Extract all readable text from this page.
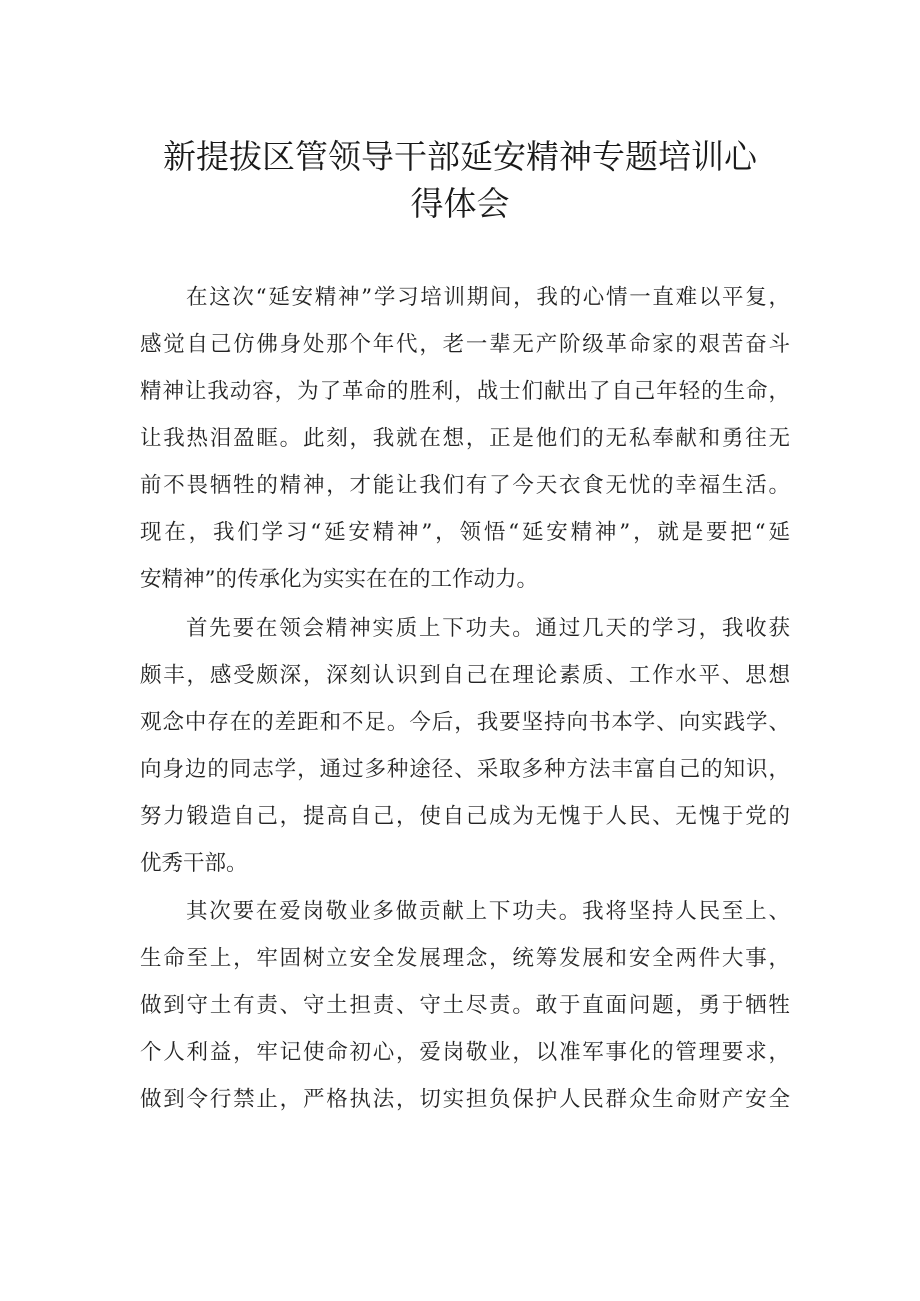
新提拔区管领导干部延安精神专题培训心
得体会
在这次“延安精神”学习培训期间，我的心情一直难以平复，
感觉自己仿佛身处那个年代，老一辈无产阶级革命家的艰苦奋斗
精神让我动容，为了革命的胜利，战士们献出了自己年轻的生命，
让我热泪盈眶。此刻，我就在想，正是他们的无私奉献和勇往无
前不畏牺牲的精神，才能让我们有了今天衣食无忧的幸福生活。
现在，我们学习“延安精神”，领悟“延安精神”，就是要把“延
安精神”的传承化为实实在在的工作动力。
首先要在领会精神实质上下功夫。通过几天的学习，我收获
颇丰，感受颇深，深刻认识到自己在理论素质、工作水平、思想
观念中存在的差距和不足。今后，我要坚持向书本学、向实践学、
向身边的同志学，通过多种途径、采取多种方法丰富自己的知识，
努力锻造自己，提高自己，使自己成为无愧于人民、无愧于党的
优秀干部。
其次要在爱岗敬业多做贡献上下功夫。我将坚持人民至上、
生命至上，牢固树立安全发展理念，统筹发展和安全两件大事，
做到守土有责、守土担责、守土尽责。敢于直面问题，勇于牺牲
个人利益，牢记使命初心，爱岗敬业，以准军事化的管理要求，
做到令行禁止，严格执法，切实担负保护人民群众生命财产安全
